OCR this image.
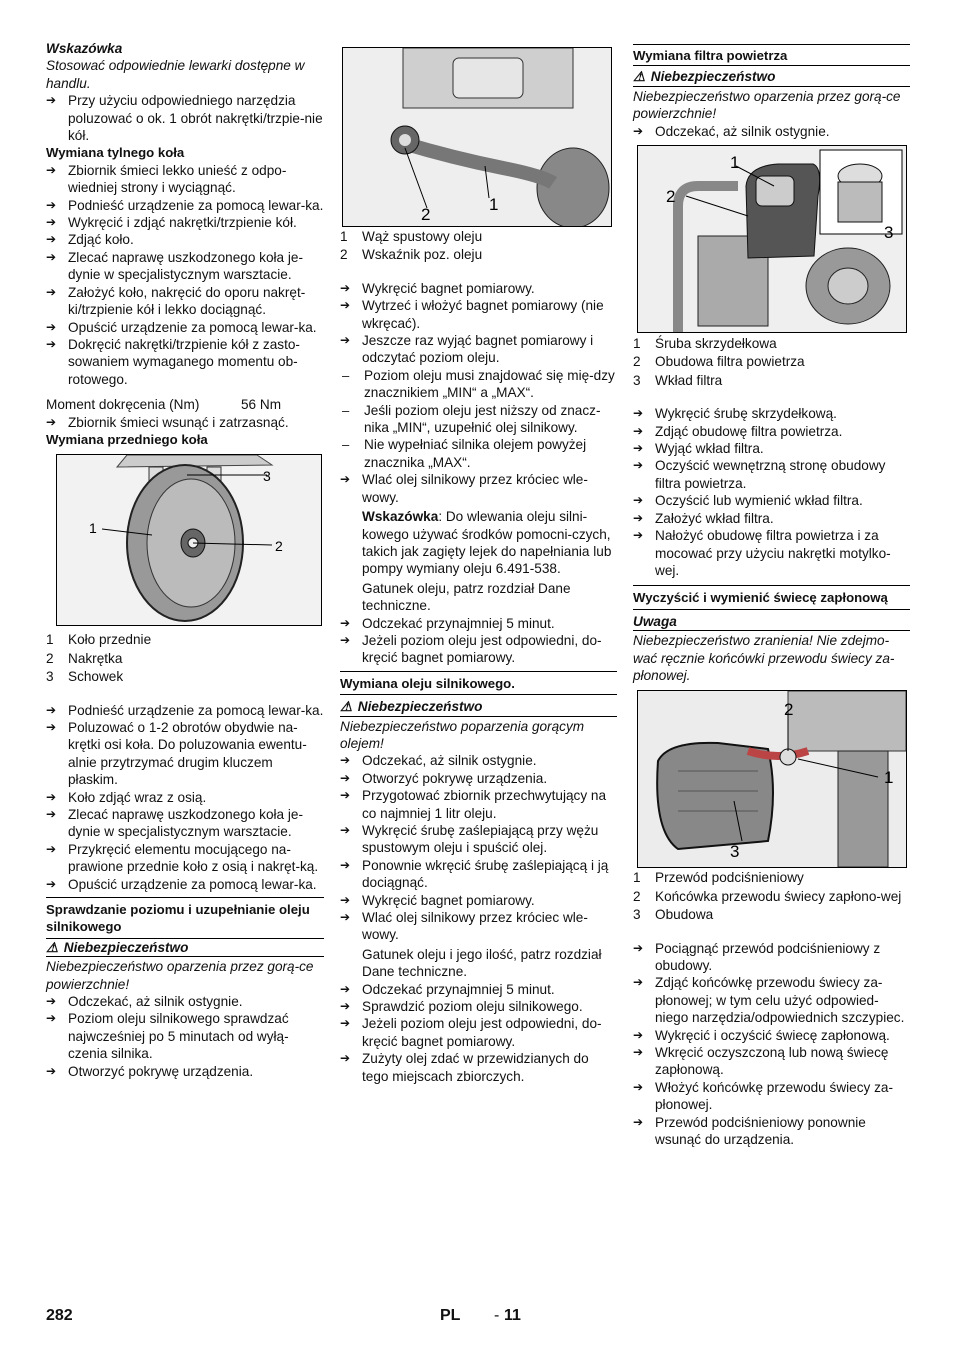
Wskazówka
Stosować odpowiednie lewarki dostępne w handlu.
➔ Przy użyciu odpowiedniego narzędzia poluzować o ok. 1 obrót nakrętki/trzpie-nie kół.
Wymiana tylnego koła
➔ Zbiornik śmieci lekko unieść z odpo-wiedniej strony i wyciągnąć.
➔ Podnieść urządzenie za pomocą lewar-ka.
➔ Wykręcić i zdjąć nakrętki/trzpienie kół.
➔ Zdjąć koło.
➔ Zlecać naprawę uszkodzonego koła je-dynie w specjalistycznym warsztacie.
➔ Założyć koło, nakręcić do oporu nakręt-ki/trzpienie kół i lekko dociągnąć.
➔ Opuścić urządzenie za pomocą lewar-ka.
➔ Dokręcić nakrętki/trzpienie kół z zasto-sowaniem wymaganego momentu ob-rotowego.
Moment dokręcenia (Nm)	56 Nm
➔ Zbiornik śmieci wsunąć i zatrzasnąć.
Wymiana przedniego koła
3
1
2
1	Koło przednie
2	Nakrętka
3	Schowek
➔ Podnieść urządzenie za pomocą lewar-ka.
➔ Poluzować o 1-2 obrotów obydwie na-krętki osi koła. Do poluzowania ewentu-alnie przytrzymać drugim kluczem płaskim.
➔ Koło zdjąć wraz z osią.
➔ Zlecać naprawę uszkodzonego koła je-dynie w specjalistycznym warsztacie.
➔ Przykręcić elementu mocującego na-prawione przednie koło z osią i nakręt-ką.
➔ Opuścić urządzenie za pomocą lewar-ka.
Sprawdzanie poziomu i uzupełnianie oleju silnikowego
⚠ Niebezpieczeństwo
Niebezpieczeństwo oparzenia przez gorą-ce powierzchnie!
➔ Odczekać, aż silnik ostygnie.
➔ Poziom oleju silnikowego sprawdzać najwcześniej po 5 minutach od wyłą-czenia silnika.
➔ Otworzyć pokrywę urządzenia.
2
1
1	Wąż spustowy oleju
2	Wskaźnik poz. oleju
➔ Wykręcić bagnet pomiarowy.
➔ Wytrzeć i włożyć bagnet pomiarowy (nie wkręcać).
➔ Jeszcze raz wyjąć bagnet pomiarowy i odczytać poziom oleju.
–	Poziom oleju musi znajdować się mię-dzy znacznikiem „MIN“ a „MAX“.
–	Jeśli poziom oleju jest niższy od znacz-nika „MIN“, uzupełnić olej silnikowy.
–	Nie wypełniać silnika olejem powyżej znacznika „MAX“.
➔ Wlać olej silnikowy przez króciec wle-wowy.
Wskazówka: Do wlewania oleju silni-kowego używać środków pomocni-czych, takich jak zagięty lejek do napełniania lub pompy wymiany oleju 6.491-538.
Gatunek oleju, patrz rozdział Dane techniczne.
➔ Odczekać przynajmniej 5 minut.
➔ Jeżeli poziom oleju jest odpowiedni, do-kręcić bagnet pomiarowy.
Wymiana oleju silnikowego.
⚠ Niebezpieczeństwo
Niebezpieczeństwo poparzenia gorącym olejem!
➔ Odczekać, aż silnik ostygnie.
➔ Otworzyć pokrywę urządzenia.
➔ Przygotować zbiornik przechwytujący na co najmniej 1 litr oleju.
➔ Wykręcić śrubę zaślepiającą przy wężu spustowym oleju i spuścić olej.
➔ Ponownie wkręcić śrubę zaślepiającą i ją dociągnąć.
➔ Wykręcić bagnet pomiarowy.
➔ Wlać olej silnikowy przez króciec wle-wowy.
Gatunek oleju i jego ilość, patrz rozdział Dane techniczne.
➔ Odczekać przynajmniej 5 minut.
➔ Sprawdzić poziom oleju silnikowego.
➔ Jeżeli poziom oleju jest odpowiedni, do-kręcić bagnet pomiarowy.
➔ Zużyty olej zdać w przewidzianych do tego miejscach zbiorczych.
Wymiana filtra powietrza
⚠ Niebezpieczeństwo
Niebezpieczeństwo oparzenia przez gorą-ce powierzchnie!
➔ Odczekać, aż silnik ostygnie.
1
2
3
1	Śruba skrzydełkowa
2	Obudowa filtra powietrza
3	Wkład filtra
➔ Wykręcić śrubę skrzydełkową.
➔ Zdjąć obudowę filtra powietrza.
➔ Wyjąć wkład filtra.
➔ Oczyścić wewnętrzną stronę obudowy filtra powietrza.
➔ Oczyścić lub wymienić wkład filtra.
➔ Założyć wkład filtra.
➔ Nałożyć obudowę filtra powietrza i za mocować przy użyciu nakrętki motylko-wej.
Wyczyścić i wymienić świecę zapłonową
Uwaga
Niebezpieczeństwo zranienia! Nie zdejmo-wać ręcznie końcówki przewodu świecy za-płonowej.
2
1
3
1	Przewód podciśnieniowy
2	Końcówka przewodu świecy zapłono-wej
3	Obudowa
➔ Pociągnąć przewód podciśnieniowy z obudowy.
➔ Zdjąć końcówkę przewodu świecy za-płonowej; w tym celu użyć odpowied-niego narzędzia/odpowiednich szczypiec.
➔ Wykręcić i oczyścić świecę zapłonową.
➔ Wkręcić oczyszczoną lub nową świecę zapłonową.
➔ Włożyć końcówkę przewodu świecy za-płonowej.
➔ Przewód podciśnieniowy ponownie wsunąć do urządzenia.
282	PL - 11
